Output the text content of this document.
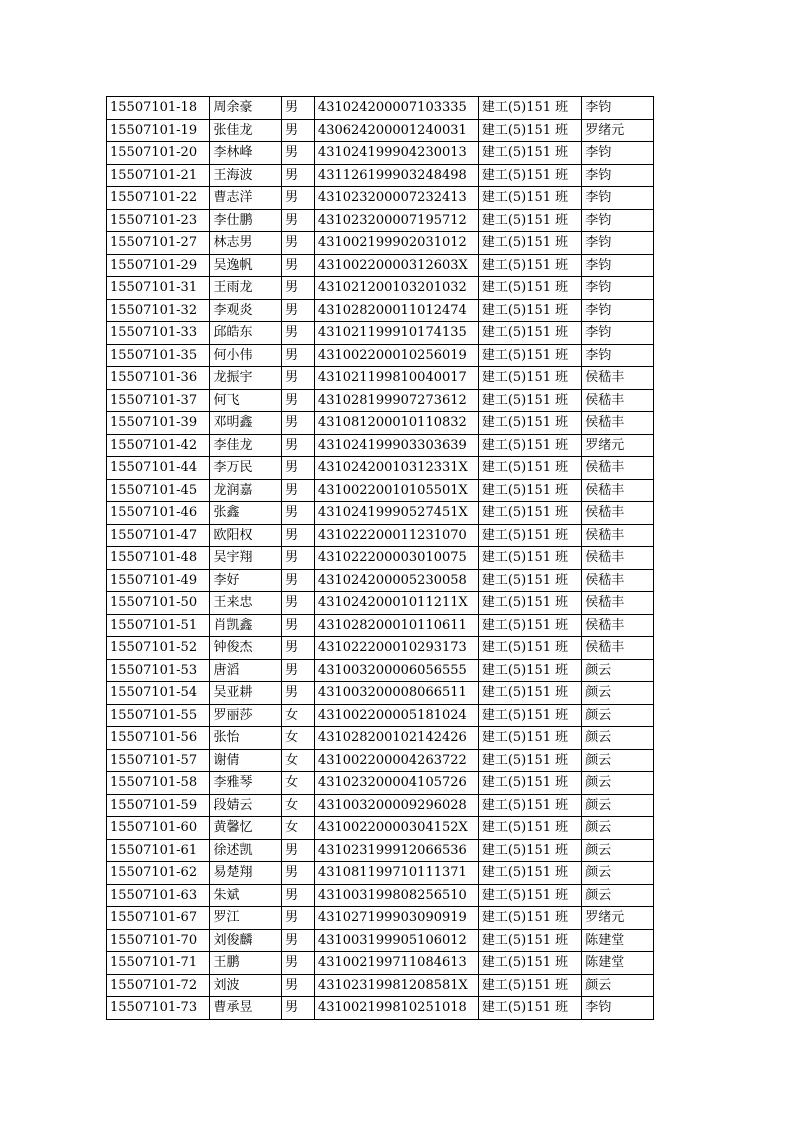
15507101-18	周余豪	男	431024200007103335	建工(5)151 班	李钧
15507101-19	张佳龙	男	430624200001240031	建工(5)151 班	罗绪元
15507101-20	李林峰	男	431024199904230013	建工(5)151 班	李钧
15507101-21	王海波	男	431126199903248498	建工(5)151 班	李钧
15507101-22	曹志洋	男	431023200007232413	建工(5)151 班	李钧
15507101-23	李仕鹏	男	431023200007195712	建工(5)151 班	李钧
15507101-27	林志男	男	431002199902031012	建工(5)151 班	李钧
15507101-29	吴逸帆	男	43100220000312603X	建工(5)151 班	李钧
15507101-31	王雨龙	男	431021200103201032	建工(5)151 班	李钧
15507101-32	李观炎	男	431028200011012474	建工(5)151 班	李钧
15507101-33	邱皓东	男	431021199910174135	建工(5)151 班	李钧
15507101-35	何小伟	男	431002200010256019	建工(5)151 班	李钧
15507101-36	龙振宇	男	431021199810040017	建工(5)151 班	侯嵇丰
15507101-37	何飞	男	431028199907273612	建工(5)151 班	侯嵇丰
15507101-39	邓明鑫	男	431081200010110832	建工(5)151 班	侯嵇丰
15507101-42	李佳龙	男	431024199903303639	建工(5)151 班	罗绪元
15507101-44	李万民	男	43102420010312331X	建工(5)151 班	侯嵇丰
15507101-45	龙润嘉	男	43100220010105501X	建工(5)151 班	侯嵇丰
15507101-46	张鑫	男	43102419990527451X	建工(5)151 班	侯嵇丰
15507101-47	欧阳权	男	431022200011231070	建工(5)151 班	侯嵇丰
15507101-48	吴宇翔	男	431022200003010075	建工(5)151 班	侯嵇丰
15507101-49	李好	男	431024200005230058	建工(5)151 班	侯嵇丰
15507101-50	王来忠	男	43102420001011211X	建工(5)151 班	侯嵇丰
15507101-51	肖凯鑫	男	431028200010110611	建工(5)151 班	侯嵇丰
15507101-52	钟俊杰	男	431022200010293173	建工(5)151 班	侯嵇丰
15507101-53	唐滔	男	431003200006056555	建工(5)151 班	颜云
15507101-54	吴亚耕	男	431003200008066511	建工(5)151 班	颜云
15507101-55	罗丽莎	女	431002200005181024	建工(5)151 班	颜云
15507101-56	张怡	女	431028200102142426	建工(5)151 班	颜云
15507101-57	谢倩	女	431002200004263722	建工(5)151 班	颜云
15507101-58	李雅琴	女	431023200004105726	建工(5)151 班	颜云
15507101-59	段婧云	女	431003200009296028	建工(5)151 班	颜云
15507101-60	黄馨忆	女	43100220000304152X	建工(5)151 班	颜云
15507101-61	徐述凯	男	431023199912066536	建工(5)151 班	颜云
15507101-62	易楚翔	男	431081199710111371	建工(5)151 班	颜云
15507101-63	朱斌	男	431003199808256510	建工(5)151 班	颜云
15507101-67	罗江	男	431027199903090919	建工(5)151 班	罗绪元
15507101-70	刘俊麟	男	431003199905106012	建工(5)151 班	陈建堂
15507101-71	王鹏	男	431002199711084613	建工(5)151 班	陈建堂
15507101-72	刘波	男	43102319981208581X	建工(5)151 班	颜云
15507101-73	曹承昱	男	431002199810251018	建工(5)151 班	李钧
